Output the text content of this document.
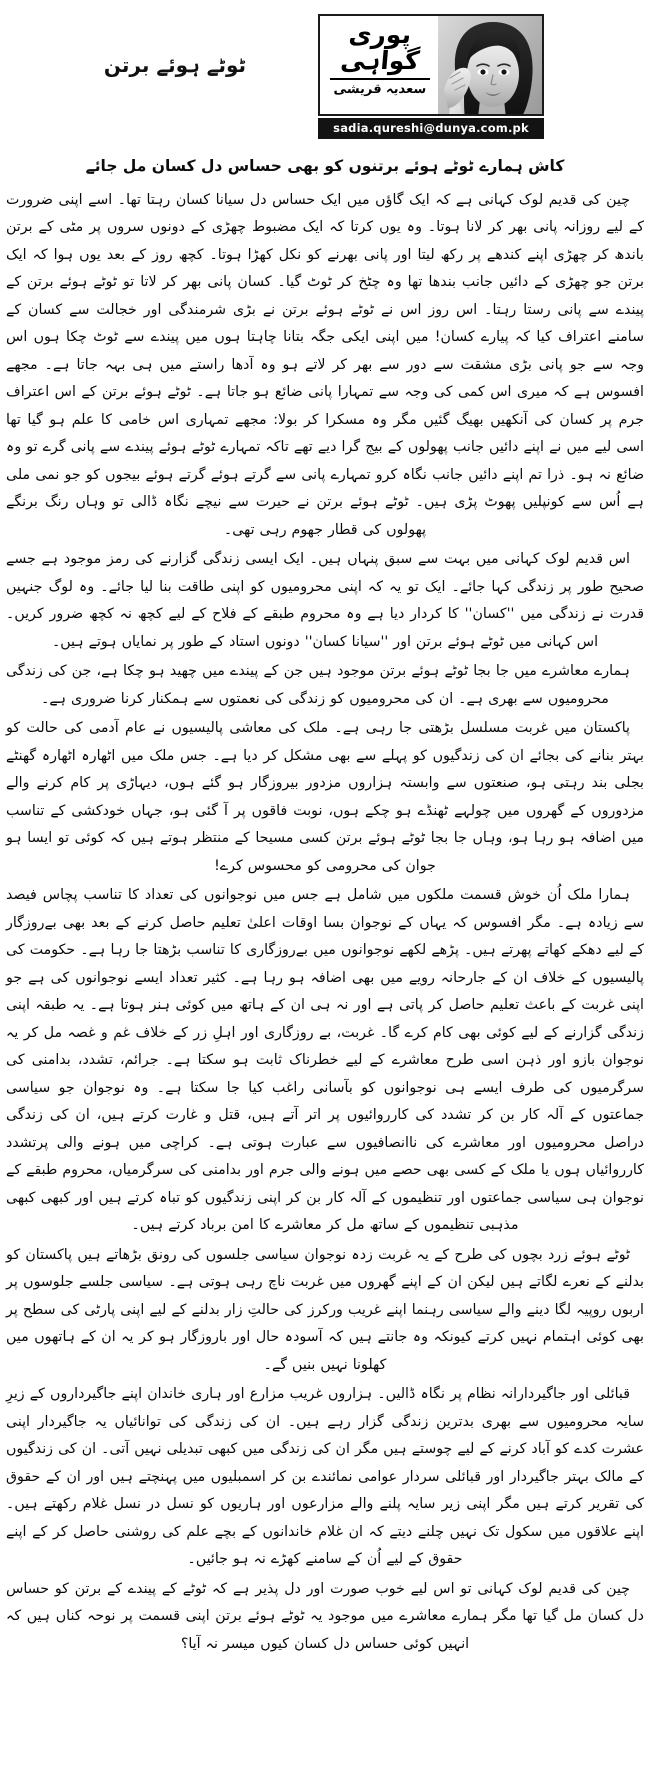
ٹوٹے ہوئے برتن
پوری
گواہی
سعدیہ قریشی
sadia.qureshi@dunya.com.pk
کاش ہمارے ٹوٹے ہوئے برتنوں کو بھی حساس دل کسان مل جائے

چین کی قدیم لوک کہانی ہے کہ ایک گاؤں میں ایک حساس دل سیانا کسان رہتا تھا۔ اسے اپنی ضرورت کے لیے روزانہ پانی بھر کر لانا ہوتا۔ وہ یوں کرتا کہ ایک مضبوط چھڑی کے دونوں سروں پر مٹی کے برتن باندھ کر چھڑی اپنے کندھے پر رکھ لیتا اور پانی بھرنے کو نکل کھڑا ہوتا۔ کچھ روز کے بعد یوں ہوا کہ ایک برتن جو چھڑی کے دائیں جانب بندھا تھا وہ چٹخ کر ٹوٹ گیا۔ کسان پانی بھر کر لاتا تو ٹوٹے ہوئے برتن کے پیندے سے پانی رستا رہتا۔ اس روز اس نے ٹوٹے ہوئے برتن نے بڑی شرمندگی اور خجالت سے کسان کے سامنے اعتراف کیا کہ پیارے کسان! میں اپنی ایکی جگہ بتانا چاہتا ہوں میں پیندے سے ٹوٹ چکا ہوں اس وجہ سے جو پانی بڑی مشقت سے دور سے بھر کر لاتے ہو وہ آدھا راستے میں ہی بہہ جاتا ہے۔ مجھے افسوس ہے کہ میری اس کمی کی وجہ سے تمہارا پانی ضائع ہو جاتا ہے۔ ٹوٹے ہوئے برتن کے اس اعتراف جرم پر کسان کی آنکھیں بھیگ گئیں مگر وہ مسکرا کر بولا: مجھے تمہاری اس خامی کا علم ہو گیا تھا اسی لیے میں نے اپنے دائیں جانب پھولوں کے بیج گرا دیے تھے تاکہ تمہارے ٹوٹے ہوئے پیندے سے پانی گرے تو وہ ضائع نہ ہو۔ ذرا تم اپنے دائیں جانب نگاہ کرو تمہارے پانی سے گرتے ہوئے گرتے ہوئے بیجوں کو جو نمی ملی ہے اُس سے کونپلیں پھوٹ پڑی ہیں۔ ٹوٹے ہوئے برتن نے حیرت سے نیچے نگاہ ڈالی تو وہاں رنگ برنگے پھولوں کی قطار جھوم رہی تھی۔

اس قدیم لوک کہانی میں بہت سے سبق پنہاں ہیں۔ ایک ایسی زندگی گزارنے کی رمز موجود ہے جسے صحیح طور پر زندگی کہا جائے۔ ایک تو یہ کہ اپنی محرومیوں کو اپنی طاقت بنا لیا جائے۔ وہ لوگ جنہیں قدرت نے زندگی میں ''کسان'' کا کردار دیا ہے وہ محروم طبقے کے فلاح کے لیے کچھ نہ کچھ ضرور کریں۔ اس کہانی میں ٹوٹے ہوئے برتن اور ''سیانا کسان'' دونوں استاد کے طور پر نمایاں ہوتے ہیں۔

ہمارے معاشرے میں جا بجا ٹوٹے ہوئے برتن موجود ہیں جن کے پیندے میں چھید ہو چکا ہے، جن کی زندگی محرومیوں سے بھری ہے۔ ان کی محرومیوں کو زندگی کی نعمتوں سے ہمکنار کرنا ضروری ہے۔

پاکستان میں غربت مسلسل بڑھتی جا رہی ہے۔ ملک کی معاشی پالیسیوں نے عام آدمی کی حالت کو بہتر بنانے کی بجائے ان کی زندگیوں کو پہلے سے بھی مشکل کر دیا ہے۔ جس ملک میں اٹھارہ اٹھارہ گھنٹے بجلی بند رہتی ہو، صنعتوں سے وابستہ ہزاروں مزدور بیروزگار ہو گئے ہوں، دیہاڑی پر کام کرنے والے مزدوروں کے گھروں میں چولہے ٹھنڈے ہو چکے ہوں، نوبت فاقوں پر آ گئی ہو، جہاں خودکشی کے تناسب میں اضافہ ہو رہا ہو، وہاں جا بجا ٹوٹے ہوئے برتن کسی مسیحا کے منتظر ہوتے ہیں کہ کوئی تو ایسا ہو جوان کی محرومی کو محسوس کرے!

ہمارا ملک اُن خوش قسمت ملکوں میں شامل ہے جس میں نوجوانوں کی تعداد کا تناسب پچاس فیصد سے زیادہ ہے۔ مگر افسوس کہ یہاں کے نوجوان بسا اوقات اعلیٰ تعلیم حاصل کرنے کے بعد بھی بےروزگار کے لیے دھکے کھاتے پھرتے ہیں۔ پڑھے لکھے نوجوانوں میں بےروزگاری کا تناسب بڑھتا جا رہا ہے۔ حکومت کی پالیسیوں کے خلاف ان کے جارحانہ رویے میں بھی اضافہ ہو رہا ہے۔ کثیر تعداد ایسے نوجوانوں کی ہے جو اپنی غربت کے باعث تعلیم حاصل کر پاتی ہے اور نہ ہی ان کے ہاتھ میں کوئی ہنر ہوتا ہے۔ یہ طبقہ اپنی زندگی گزارنے کے لیے کوئی بھی کام کرے گا۔ غربت، بے روزگاری اور اہلِ زر کے خلاف غم و غصہ مل کر یہ نوجوان بازو اور ذہن اسی طرح معاشرے کے لیے خطرناک ثابت ہو سکتا ہے۔ جرائم، تشدد، بدامنی کی سرگرمیوں کی طرف ایسے ہی نوجوانوں کو بآسانی راغب کیا جا سکتا ہے۔ وہ نوجوان جو سیاسی جماعتوں کے آلہ کار بن کر تشدد کی کارروائیوں پر اتر آتے ہیں، قتل و غارت کرتے ہیں، ان کی زندگی دراصل محرومیوں اور معاشرے کی ناانصافیوں سے عبارت ہوتی ہے۔ کراچی میں ہونے والی پرتشدد کارروائیاں ہوں یا ملک کے کسی بھی حصے میں ہونے والی جرم اور بدامنی کی سرگرمیاں، محروم طبقے کے نوجوان ہی سیاسی جماعتوں اور تنظیموں کے آلہ کار بن کر اپنی زندگیوں کو تباہ کرتے ہیں اور کبھی کبھی مذہبی تنظیموں کے ساتھ مل کر معاشرے کا امن برباد کرتے ہیں۔

ٹوٹے ہوئے زرد بچوں کی طرح کے یہ غربت زدہ نوجوان سیاسی جلسوں کی رونق بڑھاتے ہیں پاکستان کو بدلنے کے نعرے لگاتے ہیں لیکن ان کے اپنے گھروں میں غربت ناچ رہی ہوتی ہے۔ سیاسی جلسے جلوسوں پر اربوں روپیہ لگا دینے والے سیاسی رہنما اپنے غریب ورکرز کی حالتِ زار بدلنے کے لیے اپنی پارٹی کی سطح پر بھی کوئی اہتمام نہیں کرتے کیونکہ وہ جانتے ہیں کہ آسودہ حال اور باروزگار ہو کر یہ ان کے ہاتھوں میں کھلونا نہیں بنیں گے۔

قبائلی اور جاگیردارانہ نظام پر نگاہ ڈالیں۔ ہزاروں غریب مزارع اور ہاری خاندان اپنے جاگیرداروں کے زیرِ سایہ محرومیوں سے بھری بدترین زندگی گزار رہے ہیں۔ ان کی زندگی کی توانائیاں یہ جاگیردار اپنی عشرت کدے کو آباد کرنے کے لیے چوستے ہیں مگر ان کی زندگی میں کبھی تبدیلی نہیں آتی۔ ان کی زندگیوں کے مالک بہتر جاگیردار اور قبائلی سردار عوامی نمائندے بن کر اسمبلیوں میں پہنچتے ہیں اور ان کے حقوق کی تقریر کرتے ہیں مگر اپنی زیر سایہ پلنے والے مزارعوں اور ہاریوں کو نسل در نسل غلام رکھتے ہیں۔ اپنے علاقوں میں سکول تک نہیں چلنے دیتے کہ ان غلام خاندانوں کے بچے علم کی روشنی حاصل کر کے اپنے حقوق کے لیے اُن کے سامنے کھڑے نہ ہو جائیں۔

چین کی قدیم لوک کہانی تو اس لیے خوب صورت اور دل پذیر ہے کہ ٹوٹے کے پیندے کے برتن کو حساس دل کسان مل گیا تھا مگر ہمارے معاشرے میں موجود یہ ٹوٹے ہوئے برتن اپنی قسمت پر نوحہ کناں ہیں کہ انہیں کوئی حساس دل کسان کیوں میسر نہ آیا؟
